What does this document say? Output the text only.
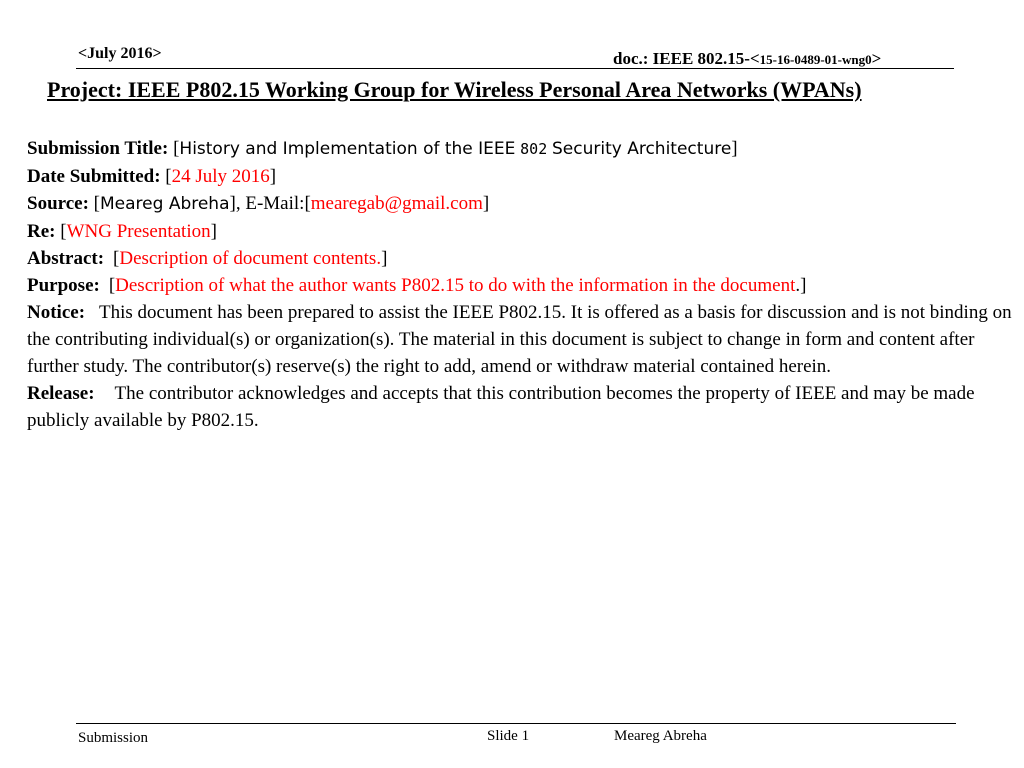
<July 2016>	doc.: IEEE 802.15-<15-16-0489-01-wng0>
Project: IEEE P802.15 Working Group for Wireless Personal Area Networks (WPANs)
Submission Title: [History and Implementation of the IEEE 802 Security Architecture]
Date Submitted: [24 July 2016]
Source: [Meareg Abreha], E-Mail:[mearegab@gmail.com]
Re: [WNG Presentation]
Abstract: [Description of document contents.]
Purpose: [Description of what the author wants P802.15 to do with the information in the document.]
Notice: This document has been prepared to assist the IEEE P802.15. It is offered as a basis for discussion and is not binding on the contributing individual(s) or organization(s). The material in this document is subject to change in form and content after further study. The contributor(s) reserve(s) the right to add, amend or withdraw material contained herein.
Release: The contributor acknowledges and accepts that this contribution becomes the property of IEEE and may be made publicly available by P802.15.
Submission	Slide 1	Meareg Abreha
